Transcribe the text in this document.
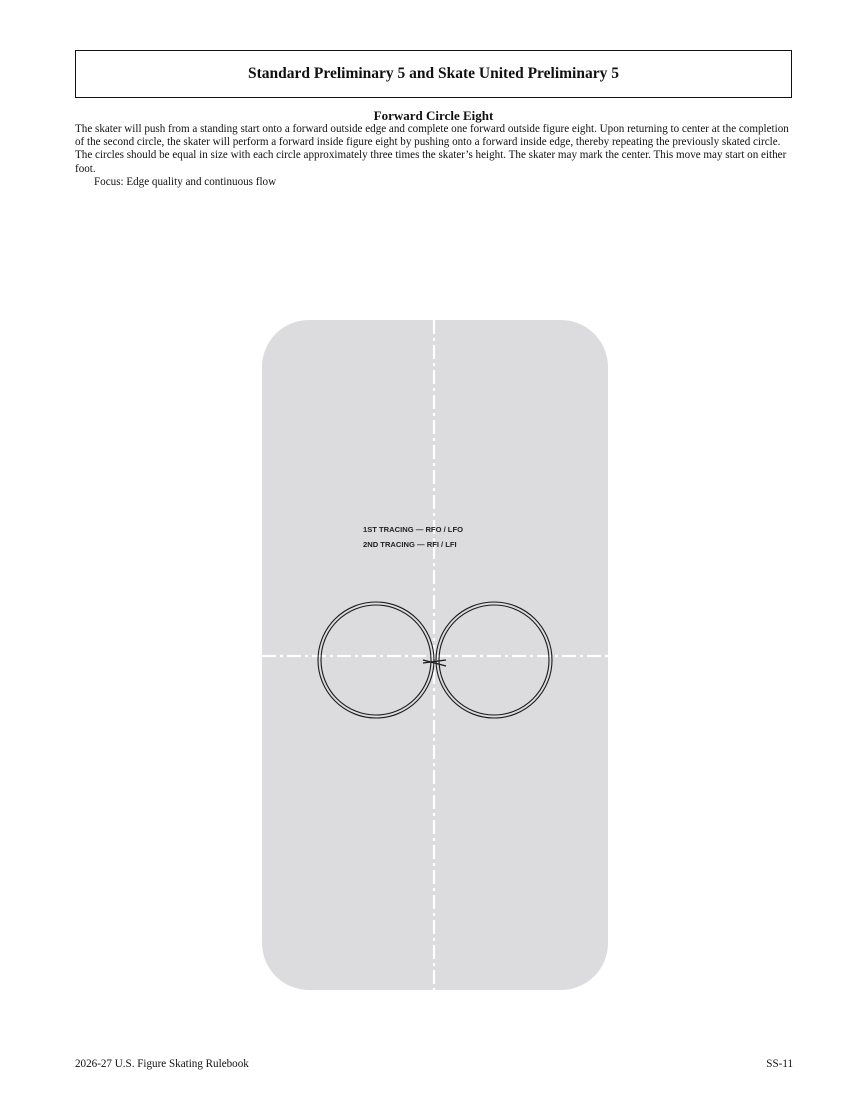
Standard Preliminary 5 and Skate United Preliminary 5
Forward Circle Eight

The skater will push from a standing start onto a forward outside edge and complete one forward outside figure eight. Upon returning to center at the completion of the second circle, the skater will perform a forward inside figure eight by pushing onto a forward inside edge, thereby repeating the previously skated circle. The circles should be equal in size with each circle approximately three times the skater’s height. The skater may mark the center. This move may start on either foot.

Focus: Edge quality and continuous flow

1ST TRACING — RFO / LFO
2ND TRACING — RFI / LFI
2026-27 U.S. Figure Skating Rulebook	SS-11
